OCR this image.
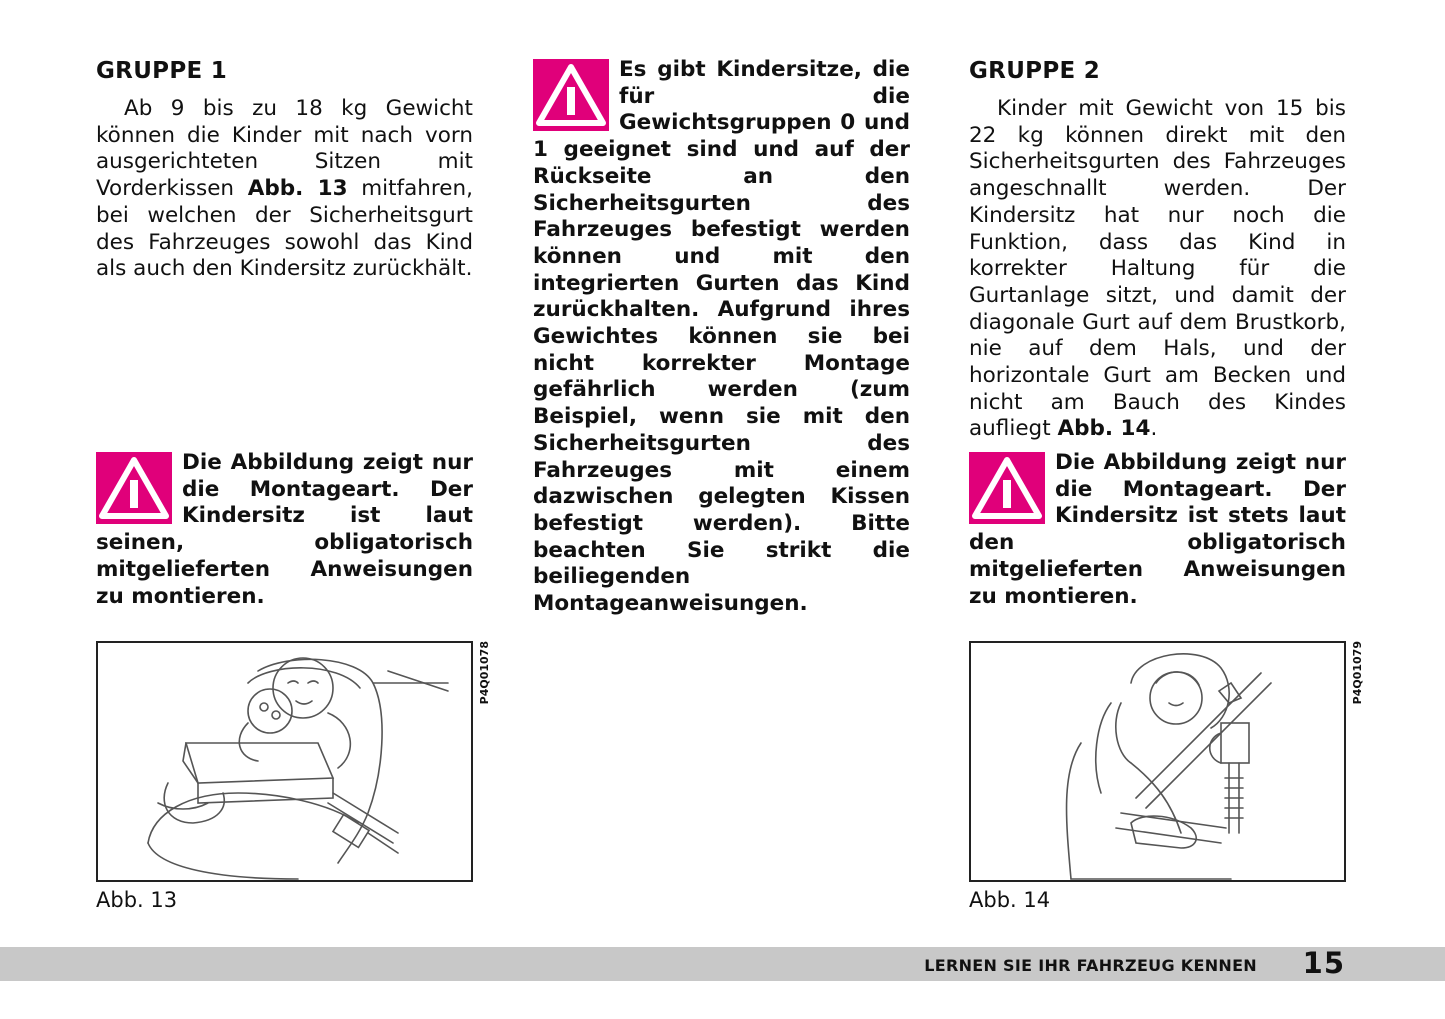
GRUPPE 1

Ab 9 bis zu 18 kg Gewicht können die Kinder mit nach vorn ausgerichteten Sitzen mit Vorderkissen Abb. 13 mitfahren, bei welchen der Sicherheitsgurt des Fahrzeuges sowohl das Kind als auch den Kindersitz zurückhält.

Die Abbildung zeigt nur die Montageart. Der Kindersitz ist laut seinen, obligatorisch mitgelieferten Anweisungen zu montieren.

P4Q01078
Abb. 13

Es gibt Kindersitze, die für die Gewichtsgruppen 0 und 1 geeignet sind und auf der Rückseite an den Sicherheitsgurten des Fahrzeuges befestigt werden können und mit den integrierten Gurten das Kind zurückhalten. Aufgrund ihres Gewichtes können sie bei nicht korrekter Montage gefährlich werden (zum Beispiel, wenn sie mit den Sicherheitsgurten des Fahrzeuges mit einem dazwischen gelegten Kissen befestigt werden). Bitte beachten Sie strikt die beiliegenden Montageanweisungen.

GRUPPE 2

Kinder mit Gewicht von 15 bis 22 kg können direkt mit den Sicherheitsgurten des Fahrzeuges angeschnallt werden. Der Kindersitz hat nur noch die Funktion, dass das Kind in korrekter Haltung für die Gurtanlage sitzt, und damit der diagonale Gurt auf dem Brustkorb, nie auf dem Hals, und der horizontale Gurt am Becken und nicht am Bauch des Kindes aufliegt Abb. 14.

Die Abbildung zeigt nur die Montageart. Der Kindersitz ist stets laut den obligatorisch mitgelieferten Anweisungen zu montieren.

P4Q01079
Abb. 14
LERNEN SIE IHR FAHRZEUG KENNEN 15
